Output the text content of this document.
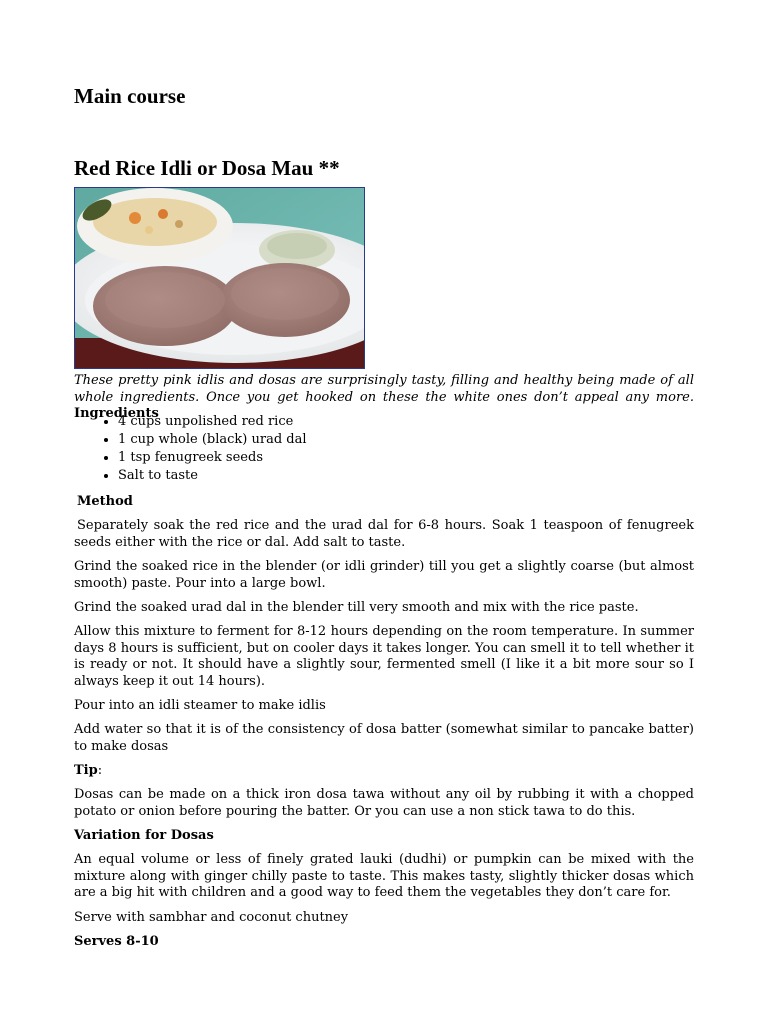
Main course
Red Rice Idli or Dosa Mau **

These pretty pink idlis and dosas are surprisingly tasty, filling and healthy being made of all whole ingredients. Once you get hooked on these the white ones don’t appeal any more. Ingredients

• 4 cups unpolished red rice
• 1 cup whole (black) urad dal
• 1 tsp fenugreek seeds
• Salt to taste

Method

Separately soak the red rice and the urad dal for 6-8 hours. Soak 1 teaspoon of fenugreek seeds either with the rice or dal. Add salt to taste.

Grind the soaked rice in the blender (or idli grinder) till you get a slightly coarse (but almost smooth) paste. Pour into a large bowl.

Grind the soaked urad dal in the blender till very smooth and mix with the rice paste.

Allow this mixture to ferment for 8-12 hours depending on the room temperature. In summer days 8 hours is sufficient, but on cooler days it takes longer. You can smell it to tell whether it is ready or not. It should have a slightly sour, fermented smell (I like it a bit more sour so I always keep it out 14 hours).

Pour into an idli steamer to make idlis

Add water so that it is of the consistency of dosa batter (somewhat similar to pancake batter) to make dosas

Tip:

Dosas can be made on a thick iron dosa tawa without any oil by rubbing it with a chopped potato or onion before pouring the batter. Or you can use a non stick tawa to do this.

Variation for Dosas

An equal volume or less of finely grated lauki (dudhi) or pumpkin can be mixed with the mixture along with ginger chilly paste to taste. This makes tasty, slightly thicker dosas which are a big hit with children and a good way to feed them the vegetables they don’t care for.

Serve with sambhar and coconut chutney

Serves 8-10
